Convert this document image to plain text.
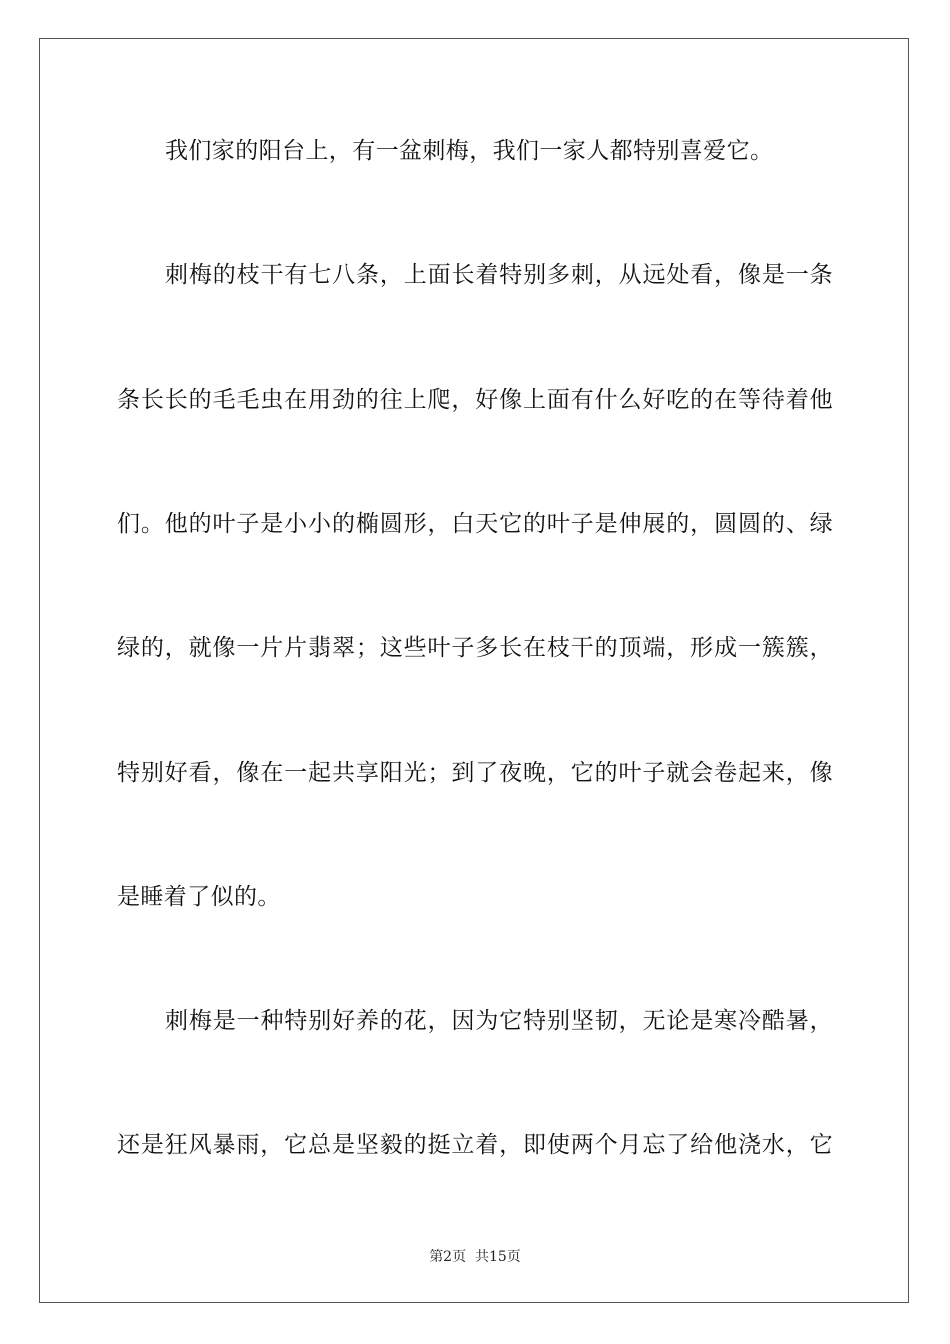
我们家的阳台上，有一盆刺梅，我们一家人都特别喜爱它。
刺梅的枝干有七八条，上面长着特别多刺，从远处看，像是一条
条长长的毛毛虫在用劲的往上爬，好像上面有什么好吃的在等待着他
们。他的叶子是小小的椭圆形，白天它的叶子是伸展的，圆圆的、绿
绿的，就像一片片翡翠；这些叶子多长在枝干的顶端，形成一簇簇，
特别好看，像在一起共享阳光；到了夜晚，它的叶子就会卷起来，像
是睡着了似的。
刺梅是一种特别好养的花，因为它特别坚韧，无论是寒冷酷暑，
还是狂风暴雨，它总是坚毅的挺立着，即使两个月忘了给他浇水，它
第2页  共15页
